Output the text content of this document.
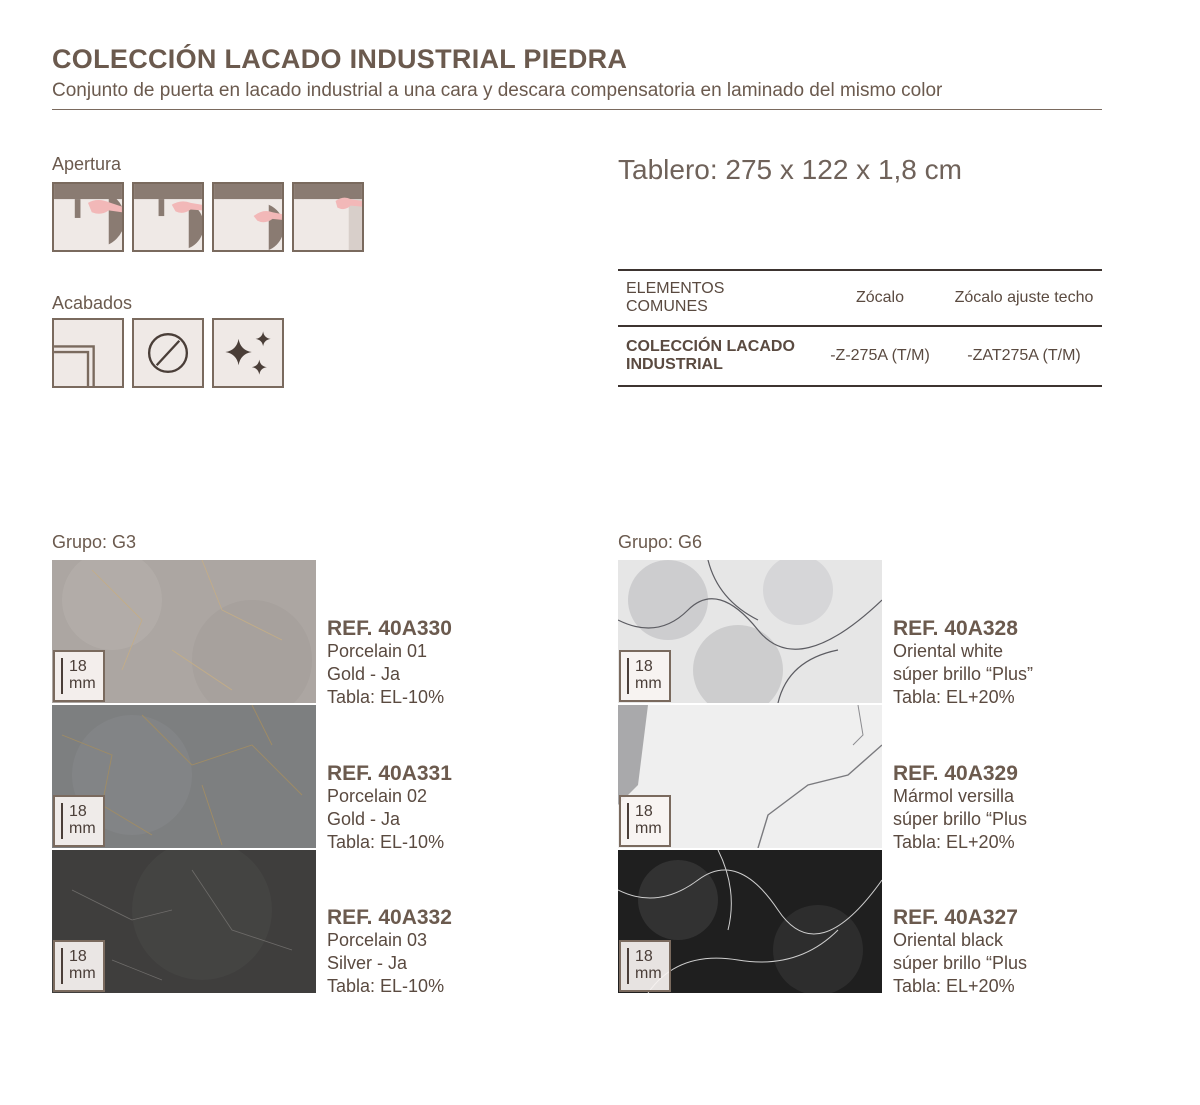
COLECCIÓN LACADO INDUSTRIAL PIEDRA
Conjunto de puerta en lacado industrial a una cara y descara compensatoria en laminado del mismo color
Apertura
Acabados
Tablero: 275 x 122 x 1,8 cm
ELEMENTOS COMUNES	Zócalo	Zócalo ajuste techo
COLECCIÓN LACADO INDUSTRIAL	-Z-275A (T/M)	-ZAT275A (T/M)
Grupo: G3
18
mm
REF. 40A330
Porcelain 01
Gold - Ja
Tabla: EL-10%
18
mm
REF. 40A331
Porcelain 02
Gold - Ja
Tabla: EL-10%
18
mm
REF. 40A332
Porcelain 03
Silver - Ja
Tabla: EL-10%
Grupo: G6
18
mm
REF. 40A328
Oriental white
súper brillo “Plus”
Tabla: EL+20%
18
mm
REF. 40A329
Mármol versilla
súper brillo “Plus
Tabla: EL+20%
18
mm
REF. 40A327
Oriental black
súper brillo “Plus
Tabla: EL+20%
